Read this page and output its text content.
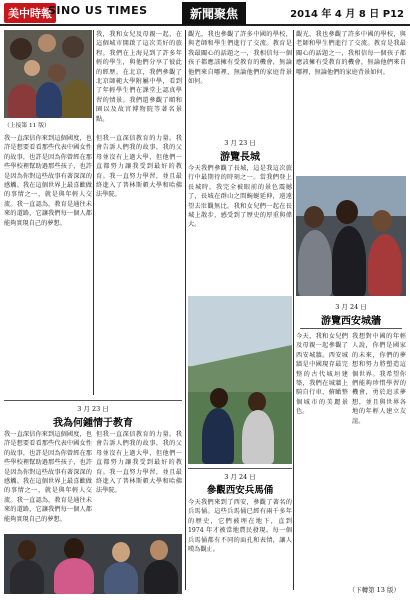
美中時報
SINO US TIMES	新聞聚焦	2014 年 4 月 8 日 P12
（上接第 11 版）
我一直深信你來到這個國度，也許是想要看看那些代表中國女性的故事，也許是因為你曾經在那些學校裡幫助過那些孩子，也許是因為你對這些故事有著深深的感觸。我在這個世界上最喜歡做的事情之一，就是與年輕人交流。我一直認為，教育是通往未來的道路，它讓我們每一個人都能夠實現自己的夢想。
但我一直深信教育的力量。我會告訴人們我的故事，我的父母並沒有上過大學，但他們一直都努力讓我受到最好的教育。我一直努力學習，並且最終進入了普林斯頓大學和哈佛法學院。
我，我和女兒及母親一起，在這個城市開啟了這次美好的旅程。我們在上海見到了許多年輕的學生，與他們分享了彼此的經歷。在北京，我們參觀了北京師範大學附屬中學，看到了年輕學生們在課堂上認真學習的情景。我們還參觀了頤和園以及故宮博物院等著名景點。
3 月 23 日
游覽長城
今天我們參觀了長城，這是我這次旅行中最期待的時刻之一。當我們登上長城時，我完全被眼前的景色震撼了，長城在群山之間蜿蜒延伸，遠遠望去壯觀無比。我和女兒們一起在長城上散步，感受到了歷史的厚重與偉大。
觀光，我也參觀了許多中國的學校，與老師和學生們進行了交流。教育是我最關心的話題之一，我相信每一個孩子都應該擁有受教育的機會，無論他們來自哪裡，無論他們的家庭背景如何。
觀光，我也參觀了許多中國的學校，與老師和學生們進行了交流。教育是我最關心的話題之一，我相信每一個孩子都應該擁有受教育的機會，無論他們來自哪裡，無論他們的家庭背景如何。
3 月 24 日
游覽西安城牆
今天，我和女兒們及母親一起參觀了西安城牆。西安城牆是中國現存最完整的古代城垣建築，我們在城牆上騎自行車，俯瞰整個城市的美麗景色。
我想對中國的年輕人說，你們是國家的未來，你們的夢想和努力將塑造這個世界。我希望你們能夠珍惜學習的機會，勇於追求夢想，並且與世界各地的年輕人建立友誼。
3 月 23 日
我為何鍾情于教育
我一直深信你來到這個國度，也許是想要看看那些代表中國女性的故事，也許是因為你曾經在那些學校裡幫助過那些孩子，也許是因為你對這些故事有著深深的感觸。我在這個世界上最喜歡做的事情之一，就是與年輕人交流。我一直認為，教育是通往未來的道路，它讓我們每一個人都能夠實現自己的夢想。
但我一直深信教育的力量。我會告訴人們我的故事，我的父母並沒有上過大學，但他們一直都努力讓我受到最好的教育。我一直努力學習，並且最終進入了普林斯頓大學和哈佛法學院。
3 月 24 日
參觀西安兵馬俑
今天我們來到了西安，參觀了著名的兵馬俑。這些兵馬俑已經有兩千多年的歷史，它們被埋在地下，直到 1974 年才被當地農民發現。每一個兵馬俑都有不同的面孔和表情，讓人嘆為觀止。
（下轉第 13 版）
